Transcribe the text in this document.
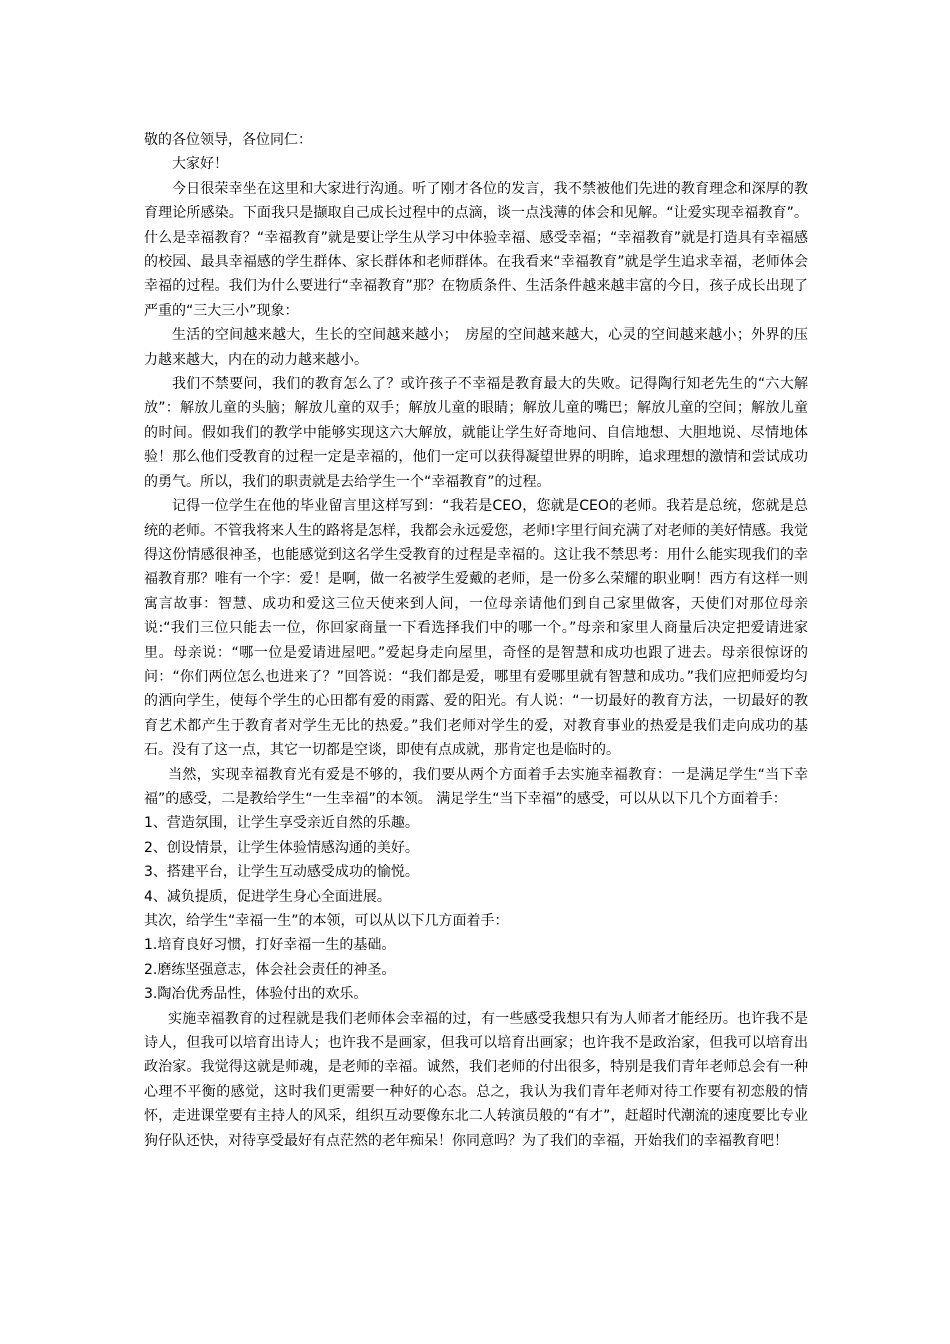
敬的各位领导，各位同仁：

大家好！

今日很荣幸坐在这里和大家进行沟通。听了刚才各位的发言，我不禁被他们先进的教育理念和深厚的教育理论所感染。下面我只是撷取自己成长过程中的点滴，谈一点浅薄的体会和见解。“让爱实现幸福教育”。什么是幸福教育？“幸福教育”就是要让学生从学习中体验幸福、感受幸福；“幸福教育”就是打造具有幸福感的校园、最具幸福感的学生群体、家长群体和老师群体。在我看来“幸福教育”就是学生追求幸福，老师体会幸福的过程。我们为什么要进行“幸福教育”那？在物质条件、生活条件越来越丰富的今日，孩子成长出现了严重的“三大三小”现象：

生活的空间越来越大，生长的空间越来越小；　房屋的空间越来越大，心灵的空间越来越小；外界的压力越来越大，内在的动力越来越小。

我们不禁要问，我们的教育怎么了？或许孩子不幸福是教育最大的失败。记得陶行知老先生的“六大解放”：解放儿童的头脑；解放儿童的双手；解放儿童的眼睛；解放儿童的嘴巴；解放儿童的空间；解放儿童的时间。假如我们的教学中能够实现这六大解放，就能让学生好奇地问、自信地想、大胆地说、尽情地体验！那么他们受教育的过程一定是幸福的，他们一定可以获得凝望世界的明眸，追求理想的激情和尝试成功的勇气。所以，我们的职责就是去给学生一个“幸福教育”的过程。

记得一位学生在他的毕业留言里这样写到：“我若是CEO，您就是CEO的老师。我若是总统，您就是总统的老师。不管我将来人生的路将是怎样，我都会永远爱您，老师!字里行间充满了对老师的美好情感。我觉得这份情感很神圣，也能感觉到这名学生受教育的过程是幸福的。这让我不禁思考：用什么能实现我们的幸福教育那？唯有一个字：爱！是啊，做一名被学生爱戴的老师，是一份多么荣耀的职业啊！西方有这样一则寓言故事：智慧、成功和爱这三位天使来到人间，一位母亲请他们到自己家里做客，天使们对那位母亲说:“我们三位只能去一位，你回家商量一下看选择我们中的哪一个。”母亲和家里人商量后决定把爱请进家里。母亲说：“哪一位是爱请进屋吧。”爱起身走向屋里，奇怪的是智慧和成功也跟了进去。母亲很惊讶的问：“你们两位怎么也进来了？”回答说：“我们都是爱，哪里有爱哪里就有智慧和成功。”我们应把师爱均匀的洒向学生，使每个学生的心田都有爱的雨露、爱的阳光。有人说：“一切最好的教育方法，一切最好的教育艺术都产生于教育者对学生无比的热爱。”我们老师对学生的爱，对教育事业的热爱是我们走向成功的基石。没有了这一点，其它一切都是空谈，即使有点成就，那肯定也是临时的。

当然，实现幸福教育光有爱是不够的，我们要从两个方面着手去实施幸福教育：一是满足学生“当下幸福”的感受，二是教给学生“一生幸福”的本领。 满足学生“当下幸福”的感受，可以从以下几个方面着手：

1、营造氛围，让学生享受亲近自然的乐趣。

2、创设情景，让学生体验情感沟通的美好。

3、搭建平台，让学生互动感受成功的愉悦。

4、减负提质，促进学生身心全面进展。

其次，给学生“幸福一生”的本领，可以从以下几方面着手：

1.培育良好习惯，打好幸福一生的基础。

2.磨练坚强意志，体会社会责任的神圣。

3.陶冶优秀品性，体验付出的欢乐。

实施幸福教育的过程就是我们老师体会幸福的过，有一些感受我想只有为人师者才能经历。也许我不是诗人，但我可以培育出诗人；也许我不是画家，但我可以培育出画家；也许我不是政治家，但我可以培育出政治家。我觉得这就是师魂，是老师的幸福。诚然，我们老师的付出很多，特别是我们青年老师总会有一种心理不平衡的感觉，这时我们更需要一种好的心态。总之，我认为我们青年老师对待工作要有初恋般的情怀，走进课堂要有主持人的风采，组织互动要像东北二人转演员般的“有才”，赶超时代潮流的速度要比专业狗仔队还快，对待享受最好有点茫然的老年痴呆！你同意吗？为了我们的幸福，开始我们的幸福教育吧！
